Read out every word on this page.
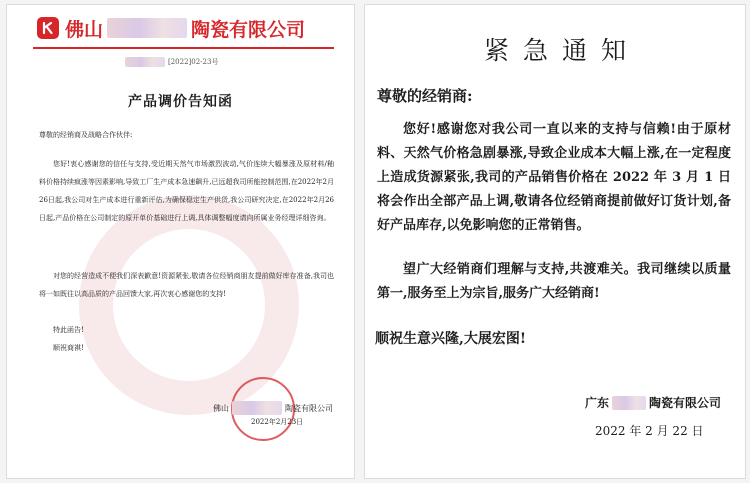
佛山	陶瓷有限公司
[2022]02-23号
产品调价告知函
尊敬的经销商及战略合作伙伴:
您好!衷心感谢您的信任与支持,受近期天然气市场激烈波动,气价连续大幅暴涨及原材料/釉料价格持续疯涨等因素影响,导致工厂生产成本急速飙升,已远超我司所能控制范围,在2022年2月26日起,我公司对生产成本进行重新评估,为确保稳定生产供货,我公司研究决定,在2022年2月26日起,产品价格在公司制定的原开单价基础进行上调,具体调整幅度请向所属业务经理详细咨询。
对您的经营造成不便我们深表歉意!资源紧张,敬请各位经销商朋友提前做好库存准备,我司也将一如既往以高品质的产品回馈大家,再次衷心感谢您的支持!
特此函告!
顺祝商祺!
佛山	陶瓷有限公司
2022年2月23日
紧急通知
尊敬的经销商:
您好!感谢您对我公司一直以来的支持与信赖!由于原材料、天然气价格急剧暴涨,导致企业成本大幅上涨,在一定程度上造成货源紧张,我司的产品销售价格在 2022 年 3 月 1 日将会作出全部产品上调,敬请各位经销商提前做好订货计划,备好产品库存,以免影响您的正常销售。
望广大经销商们理解与支持,共渡难关。我司继续以质量第一,服务至上为宗旨,服务广大经销商!
顺祝生意兴隆,大展宏图!
广东	陶瓷有限公司
2022 年 2 月 22 日
